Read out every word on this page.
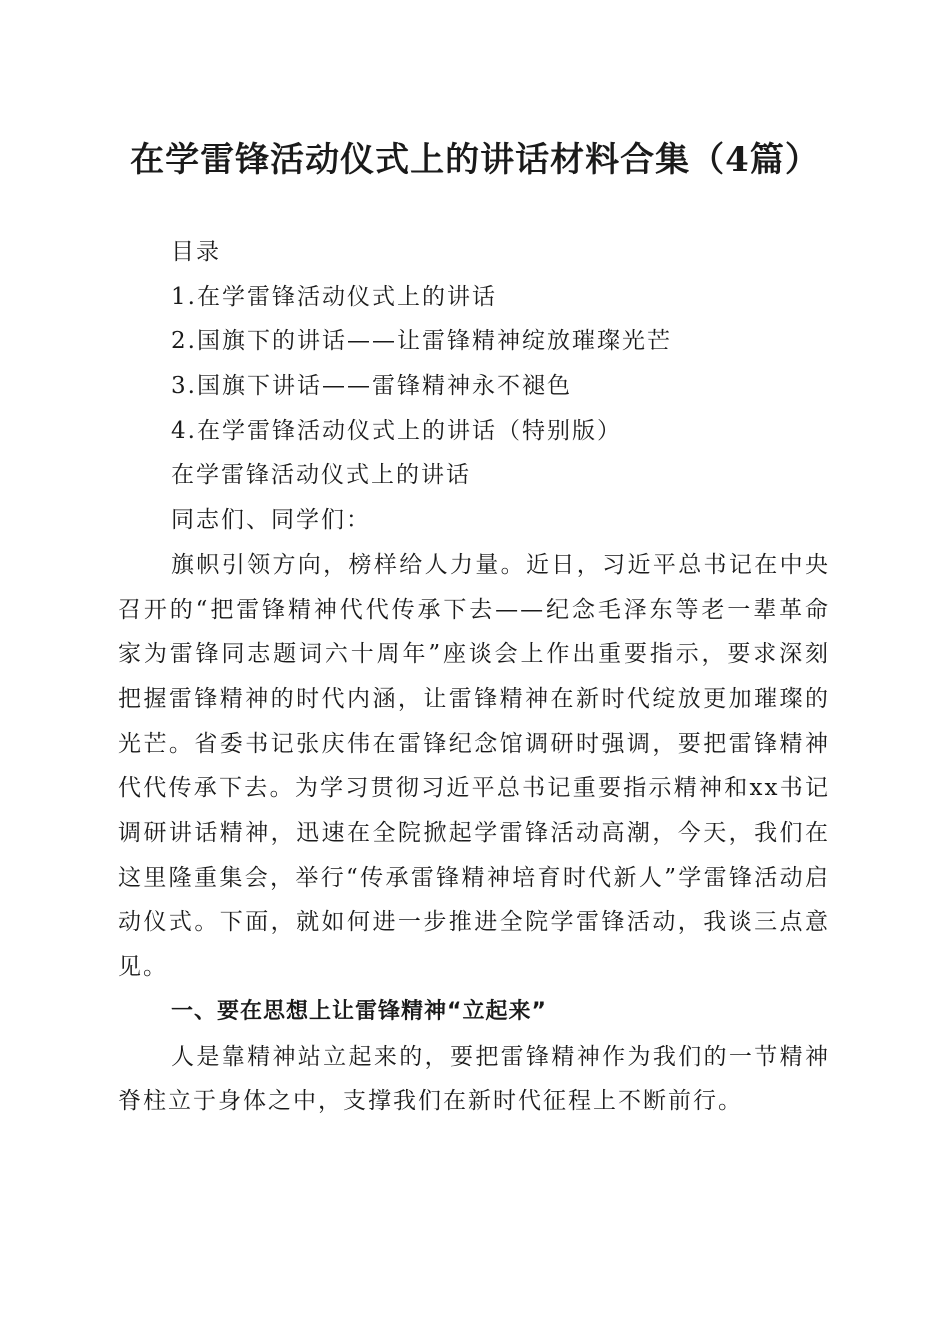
在学雷锋活动仪式上的讲话材料合集（4篇）

目录

1.在学雷锋活动仪式上的讲话

2.国旗下的讲话——让雷锋精神绽放璀璨光芒

3.国旗下讲话——雷锋精神永不褪色

4.在学雷锋活动仪式上的讲话（特别版）

在学雷锋活动仪式上的讲话

同志们、同学们：

旗帜引领方向，榜样给人力量。近日，习近平总书记在中央召开的“把雷锋精神代代传承下去——纪念毛泽东等老一辈革命家为雷锋同志题词六十周年”座谈会上作出重要指示，要求深刻把握雷锋精神的时代内涵，让雷锋精神在新时代绽放更加璀璨的光芒。省委书记张庆伟在雷锋纪念馆调研时强调，要把雷锋精神代代传承下去。为学习贯彻习近平总书记重要指示精神和xx书记调研讲话精神，迅速在全院掀起学雷锋活动高潮，今天，我们在这里隆重集会，举行“传承雷锋精神培育时代新人”学雷锋活动启动仪式。下面，就如何进一步推进全院学雷锋活动，我谈三点意见。

一、要在思想上让雷锋精神“立起来”

人是靠精神站立起来的，要把雷锋精神作为我们的一节精神脊柱立于身体之中，支撑我们在新时代征程上不断前行。
